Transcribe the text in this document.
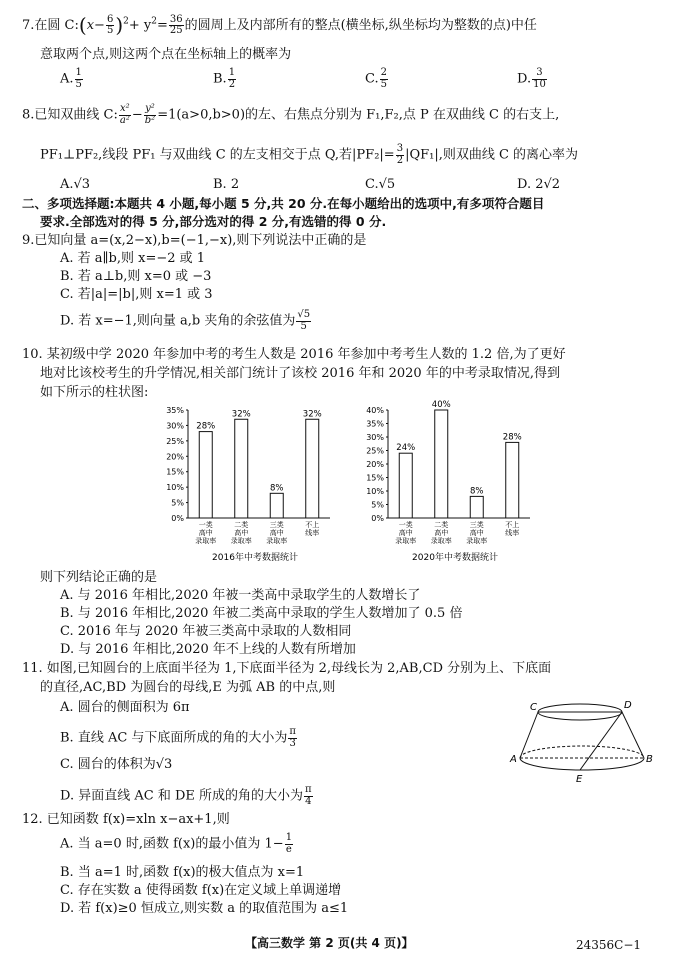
7.在圆 C:(x− $\frac{6}{5} )^2+ y^2= \frac{36}{25}$ 的圆周上及内部所有的整点(横坐标,纵坐标均为整数的点)中任
意取两个点,则这两个点在坐标轴上的概率为
A. $\frac{1}{5}$	B. $\frac{1}{2}$	C. $\frac{2}{5}$	D. $\frac{3}{10}$
8.已知双曲线 C: $\frac{\text{x²}}{\text{a²}} - \frac{\text{y²}}{\text{b²}} =1(a>0,b>0)$的左、右焦点分别为 F₁,F₂,点 P 在双曲线 C 的右支上,
PF₁⊥PF₂,线段 PF₁ 与双曲线 C 的左支相交于点 Q,若$|PF_2|= \frac{3}{2} |QF_1|$,则双曲线 C 的离心率为
A.√3	B. 2	C.√5	D. 2√2
二、多项选择题:本题共 4 小题,每小题 5 分,共 20 分.在每小题给出的选项中,有多项符合题目
要求.全部选对的得 5 分,部分选对的得 2 分,有选错的得 0 分.
9.已知向量 a=(x,2−x),b=(−1,−x),则下列说法中正确的是
A. 若 a∥b,则 x=−2 或 1
B. 若 a⊥b,则 x=0 或 −3
C. 若|a|=|b|,则 x=1 或 3
D. 若 x=−1,则向量 a,b 夹角的余弦值为 $\frac{√5}{5}$
10. 某初级中学 2020 年参加中考的考生人数是 2016 年参加中考考生人数的 1.2 倍,为了更好
地对比该校考生的升学情况,相关部门统计了该校 2016 年和 2020 年的中考录取情况,得到
如下所示的柱状图:
0%
5%
10%
15%
20%
25%
30%
35%
28%
一类
高中
录取率
32%
二类
高中
录取率
8%
三类
高中
录取率
32%
不上
线率
2016年中考数据统计
0%
5%
10%
15%
20%
25%
30%
35%
40%
24%
一类
高中
录取率
40%
二类
高中
录取率
8%
三类
高中
录取率
28%
不上
线率
2020年中考数据统计
则下列结论正确的是
A. 与 2016 年相比,2020 年被一类高中录取学生的人数增长了
B. 与 2016 年相比,2020 年被二类高中录取的学生人数增加了 0.5 倍
C. 2016 年与 2020 年被三类高中录取的人数相同
D. 与 2016 年相比,2020 年不上线的人数有所增加
11. 如图,已知圆台的上底面半径为 1,下底面半径为 2,母线长为 2,AB,CD 分别为上、下底面
的直径,AC,BD 为圆台的母线,E 为弧 AB 的中点,则
A. 圆台的侧面积为 6π
B. 直线 AC 与下底面所成的角的大小为 $\frac{\pi}{3}$
C. 圆台的体积为√3
D. 异面直线 AC 和 DE 所成的角的大小为 $\frac{\pi}{4}$
C	D
A	B
E
12. 已知函数 f(x)=xln x−ax+1,则
A. 当 a=0 时,函数 f(x)的最小值为 $1- \frac{1}{e}$
B. 当 a=1 时,函数 f(x)的极大值点为 x=1
C. 存在实数 a 使得函数 f(x)在定义域上单调递增
D. 若 f(x)≥0 恒成立,则实数 a 的取值范围为 a≤1
【高三数学 第 2 页(共 4 页)】	24356C−1
